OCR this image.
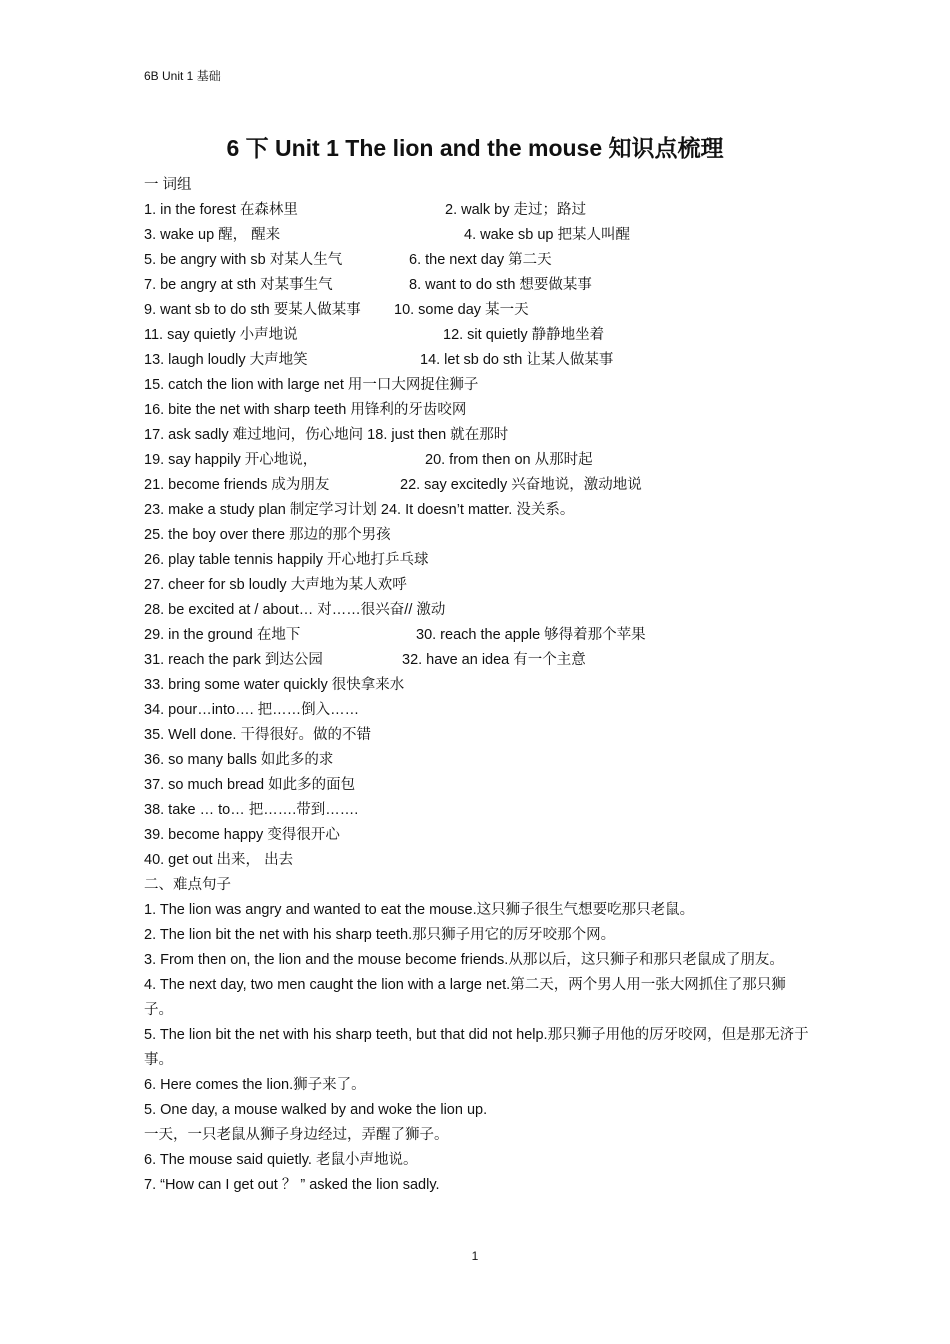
6B Unit 1 基础
6 下 Unit 1 The lion and the mouse 知识点梳理
一 词组
1. in the forest 在森林里	2. walk by 走过；路过
3. wake up 醒， 醒来	4. wake sb up 把某人叫醒
5. be angry with sb 对某人生气	6. the next day 第二天
7. be angry at sth 对某事生气	8. want to do sth 想要做某事
9. want sb to do sth 要某人做某事 10. some day 某一天
11. say quietly 小声地说	12. sit quietly 静静地坐着
13. laugh loudly 大声地笑	14. let sb do sth 让某人做某事
15. catch the lion with large net 用一口大网捉住狮子
16. bite the net with sharp teeth 用锋利的牙齿咬网
17. ask sadly 难过地问，伤心地问 18. just then 就在那时
19. say happily 开心地说，	20. from then on 从那时起
21. become friends 成为朋友	22. say excitedly 兴奋地说，激动地说
23. make a study plan 制定学习计划 24. It doesn’t matter. 没关系。
25. the boy over there 那边的那个男孩
26. play table tennis happily 开心地打乒乓球
27. cheer for sb loudly 大声地为某人欢呼
28. be excited at / about… 对……很兴奋// 激动
29. in the ground 在地下	30. reach the apple 够得着那个苹果
31. reach the park 到达公园	32. have an idea 有一个主意
33. bring some water quickly 很快拿来水
34. pour…into…. 把……倒入……
35. Well done. 干得很好。做的不错
36. so many balls 如此多的求
37. so much bread 如此多的面包
38. take … to… 把…….带到…….
39. become happy 变得很开心
40. get out 出来， 出去
二、难点句子
1. The lion was angry and wanted to eat the mouse.这只狮子很生气想要吃那只老鼠。
2. The lion bit the net with his sharp teeth.那只狮子用它的厉牙咬那个网。
3. From then on, the lion and the mouse become friends.从那以后，这只狮子和那只老鼠成了朋友。
4. The next day, two men caught the lion with a large net.第二天，两个男人用一张大网抓住了那只狮子。
5. The lion bit the net with his sharp teeth, but that did not help.那只狮子用他的厉牙咬网，但是那无济于事。
6. Here comes the lion.狮子来了。
5. One day, a mouse walked by and woke the lion up.
一天，一只老鼠从狮子身边经过，弄醒了狮子。
6. The mouse said quietly. 老鼠小声地说。
7. “How can I get out ？ ” asked the lion sadly.
1
